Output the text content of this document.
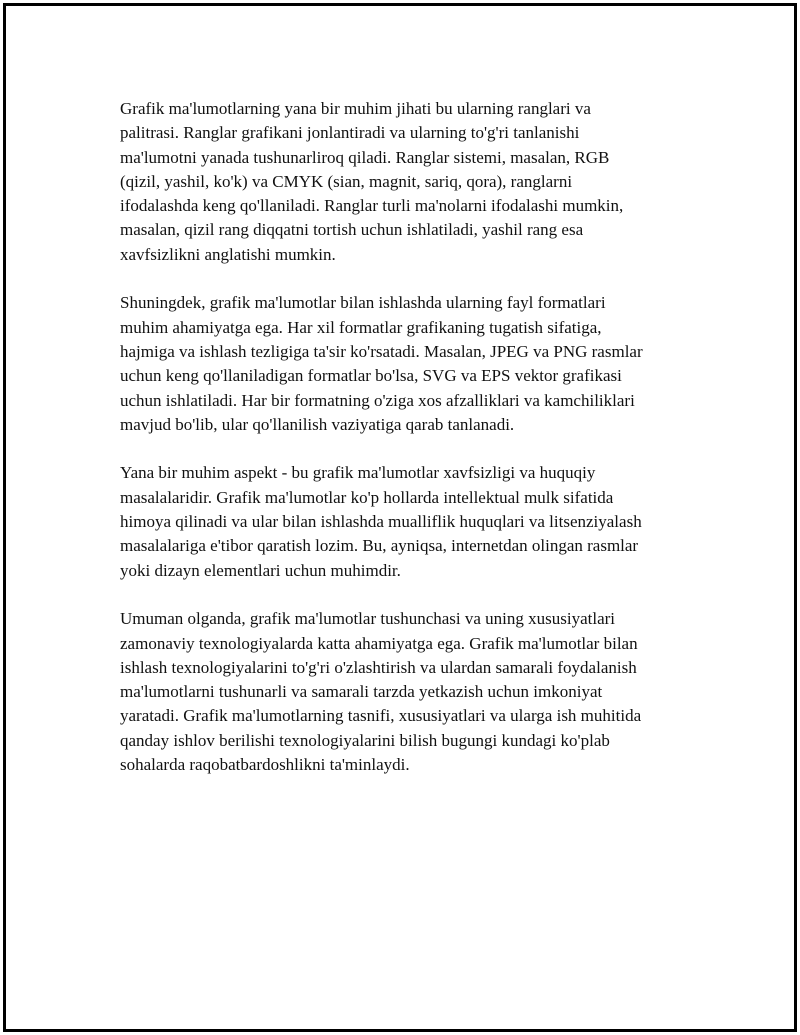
Grafik ma'lumotlarning yana bir muhim jihati bu ularning ranglari va
palitrasi. Ranglar grafikani jonlantiradi va ularning to'g'ri tanlanishi
ma'lumotni yanada tushunarliroq qiladi. Ranglar sistemi, masalan, RGB
(qizil, yashil, ko'k) va CMYK (sian, magnit, sariq, qora), ranglarni
ifodalashda keng qo'llaniladi. Ranglar turli ma'nolarni ifodalashi mumkin,
masalan, qizil rang diqqatni tortish uchun ishlatiladi, yashil rang esa
xavfsizlikni anglatishi mumkin.

Shuningdek, grafik ma'lumotlar bilan ishlashda ularning fayl formatlari
muhim ahamiyatga ega. Har xil formatlar grafikaning tugatish sifatiga,
hajmiga va ishlash tezligiga ta'sir ko'rsatadi. Masalan, JPEG va PNG rasmlar
uchun keng qo'llaniladigan formatlar bo'lsa, SVG va EPS vektor grafikasi
uchun ishlatiladi. Har bir formatning o'ziga xos afzalliklari va kamchiliklari
mavjud bo'lib, ular qo'llanilish vaziyatiga qarab tanlanadi.

Yana bir muhim aspekt - bu grafik ma'lumotlar xavfsizligi va huquqiy
masalalaridir. Grafik ma'lumotlar ko'p hollarda intellektual mulk sifatida
himoya qilinadi va ular bilan ishlashda mualliflik huquqlari va litsenziyalash
masalalariga e'tibor qaratish lozim. Bu, ayniqsa, internetdan olingan rasmlar
yoki dizayn elementlari uchun muhimdir.

Umuman olganda, grafik ma'lumotlar tushunchasi va uning xususiyatlari
zamonaviy texnologiyalarda katta ahamiyatga ega. Grafik ma'lumotlar bilan
ishlash texnologiyalarini to'g'ri o'zlashtirish va ulardan samarali foydalanish
ma'lumotlarni tushunarli va samarali tarzda yetkazish uchun imkoniyat
yaratadi. Grafik ma'lumotlarning tasnifi, xususiyatlari va ularga ish muhitida
qanday ishlov berilishi texnologiyalarini bilish bugungi kundagi ko'plab
sohalarda raqobatbardoshlikni ta'minlaydi.
